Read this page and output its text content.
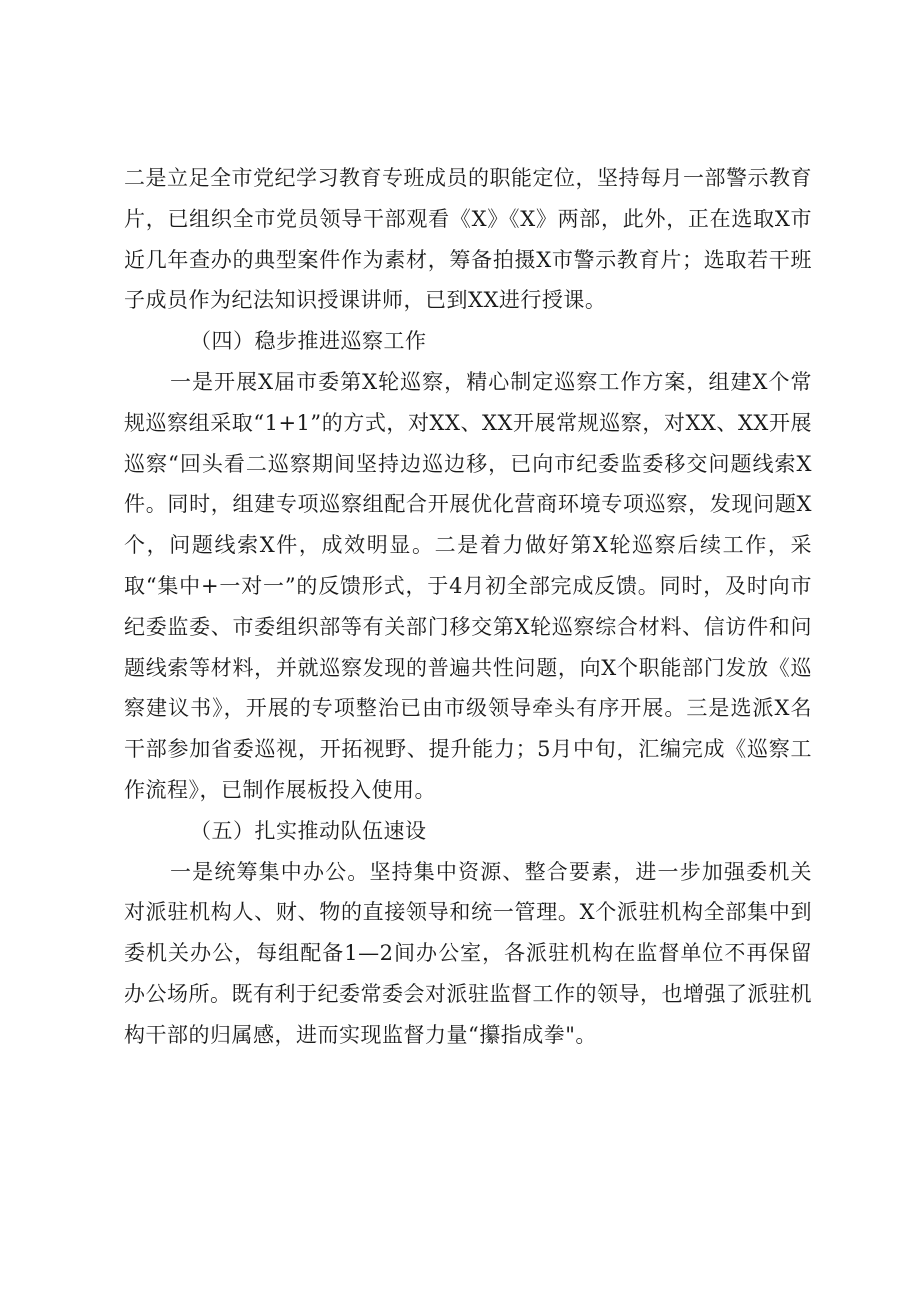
二是立足全市党纪学习教育专班成员的职能定位，坚持每月一部警示教育片，已组织全市党员领导干部观看《X》《X》两部，此外，正在选取X市近几年查办的典型案件作为素材，筹备拍摄X市警示教育片；选取若干班子成员作为纪法知识授课讲师，已到XX进行授课。

（四）稳步推进巡察工作

一是开展X届市委第X轮巡察，精心制定巡察工作方案，组建X个常规巡察组采取“1+1”的方式，对XX、XX开展常规巡察，对XX、XX开展巡察“回头看二巡察期间坚持边巡边移，已向市纪委监委移交问题线索X件。同时，组建专项巡察组配合开展优化营商环境专项巡察，发现问题X个，问题线索X件，成效明显。二是着力做好第X轮巡察后续工作，采取“集中+一对一”的反馈形式，于4月初全部完成反馈。同时，及时向市纪委监委、市委组织部等有关部门移交第X轮巡察综合材料、信访件和问题线索等材料，并就巡察发现的普遍共性问题，向X个职能部门发放《巡察建议书》，开展的专项整治已由市级领导牵头有序开展。三是选派X名干部参加省委巡视，开拓视野、提升能力；5月中旬，汇编完成《巡察工作流程》，已制作展板投入使用。

（五）扎实推动队伍速设

一是统筹集中办公。坚持集中资源、整合要素，进一步加强委机关对派驻机构人、财、物的直接领导和统一管理。X个派驻机构全部集中到委机关办公，每组配备1—2间办公室，各派驻机构在监督单位不再保留办公场所。既有利于纪委常委会对派驻监督工作的领导，也增强了派驻机构干部的归属感，进而实现监督力量“攥指成拳"。
